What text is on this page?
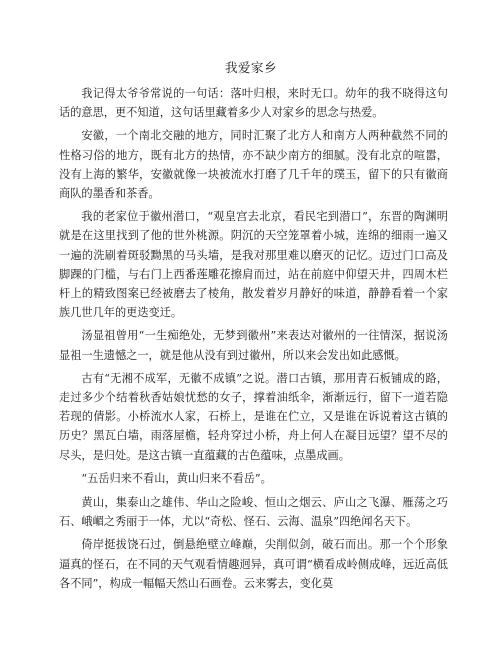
我爱家乡

我记得太爷爷常说的一句话：落叶归根，来时无口。幼年的我不晓得这句话的意思，更不知道，这句话里藏着多少人对家乡的思念与热爱。

安徽，一个南北交融的地方，同时汇聚了北方人和南方人两种截然不同的性格习俗的地方，既有北方的热情，亦不缺少南方的细腻。没有北京的喧嚣，没有上海的繁华，安徽就像一块被流水打磨了几千年的璞玉，留下的只有徽商商队的墨香和茶香。

我的老家位于徽州潜口，“观皇宫去北京，看民宅到潜口”，东晋的陶渊明就是在这里找到了他的世外桃源。阴沉的天空笼罩着小城，连绵的细雨一遍又一遍的洗刷着斑驳黝黑的马头墙，是我对那里难以磨灭的记忆。迈过门口高及脚踝的门槛，与右门上西番莲雕花擦肩而过，站在前庭中仰望天井，四周木栏杆上的精致图案已经被磨去了棱角，散发着岁月静好的味道，静静看着一个家族几世几年的更迭变迁。

汤显祖曾用“一生痴绝处，无梦到徽州”来表达对徽州的一往情深，据说汤显祖一生遗憾之一，就是他从没有到过徽州，所以来会发出如此感慨。

古有“无湘不成军，无徽不成镇”之说。潜口古镇，那用青石板铺成的路，走过多少个结着秋香姑娘忧愁的女子，撑着油纸伞，渐渐远行，留下一道若隐若现的倩影。小桥流水人家，石桥上，是谁在伫立，又是谁在诉说着这古镇的历史？黑瓦白墙，雨落屋檐，轻舟穿过小桥，舟上何人在凝目远望？望不尽的尽头，是归处。是这古镇一直蕴藏的古色蕴味，点墨成画。

“五岳归来不看山，黄山归来不看岳”。

黄山，集泰山之雄伟、华山之险峻、恒山之烟云、庐山之飞瀑、雁荡之巧石、峨嵋之秀丽于一体，尤以“奇松、怪石、云海、温泉”四绝闻名天下。

倚岸挺拔饶石过，倒悬绝壁立峰巅，尖削似剑，破石而出。那一个个形象逼真的怪石，在不同的天气观看情趣迥异，真可谓“横看成岭侧成峰，远近高低各不同”，构成一幅幅天然山石画卷。云来雾去，变化莫
